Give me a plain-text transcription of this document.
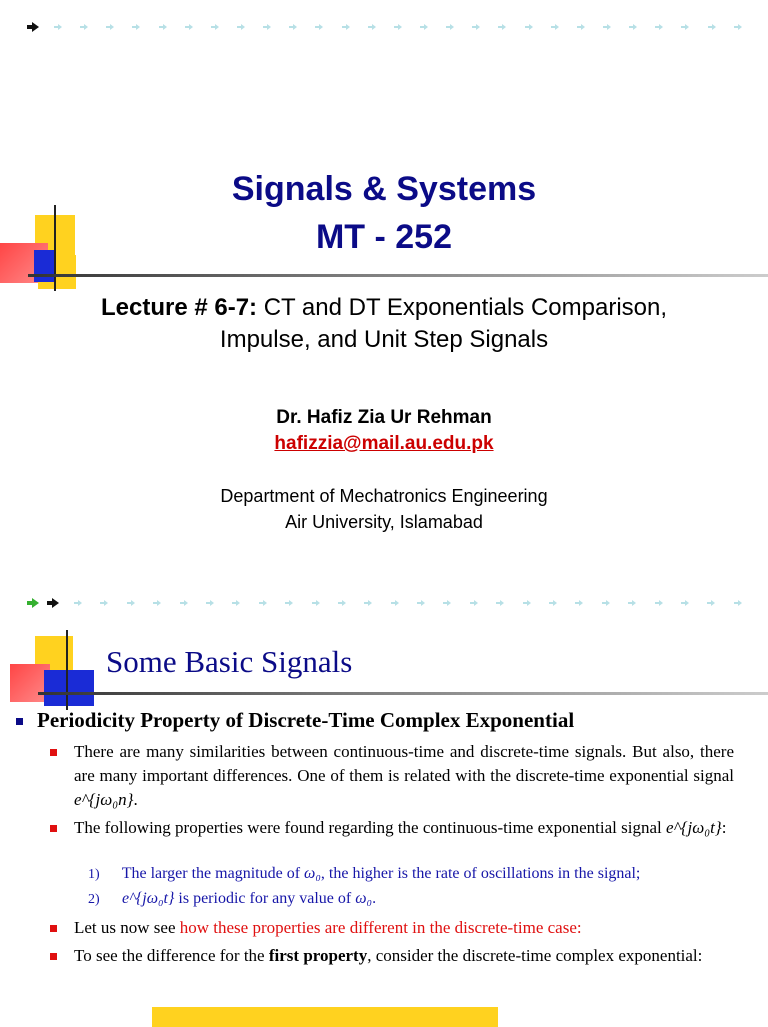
Signals & Systems
MT - 252
Lecture # 6-7: CT and DT Exponentials Comparison,
Impulse, and Unit Step Signals
Dr. Hafiz Zia Ur Rehman
hafizzia@mail.au.edu.pk
Department of Mechatronics Engineering
Air University, Islamabad
Some Basic Signals
Periodicity Property of Discrete-Time Complex Exponential
There are many similarities between continuous-time and discrete-time signals. But also, there are many important differences. One of them is related with the discrete-time exponential signal e^{jω₀n}.
The following properties were found regarding the continuous-time exponential signal e^{jω₀t}:
1) The larger the magnitude of ω₀, the higher is the rate of oscillations in the signal;
2) e^{jω₀t} is periodic for any value of ω₀.
Let us now see how these properties are different in the discrete-time case:
To see the difference for the first property, consider the discrete-time complex exponential:
